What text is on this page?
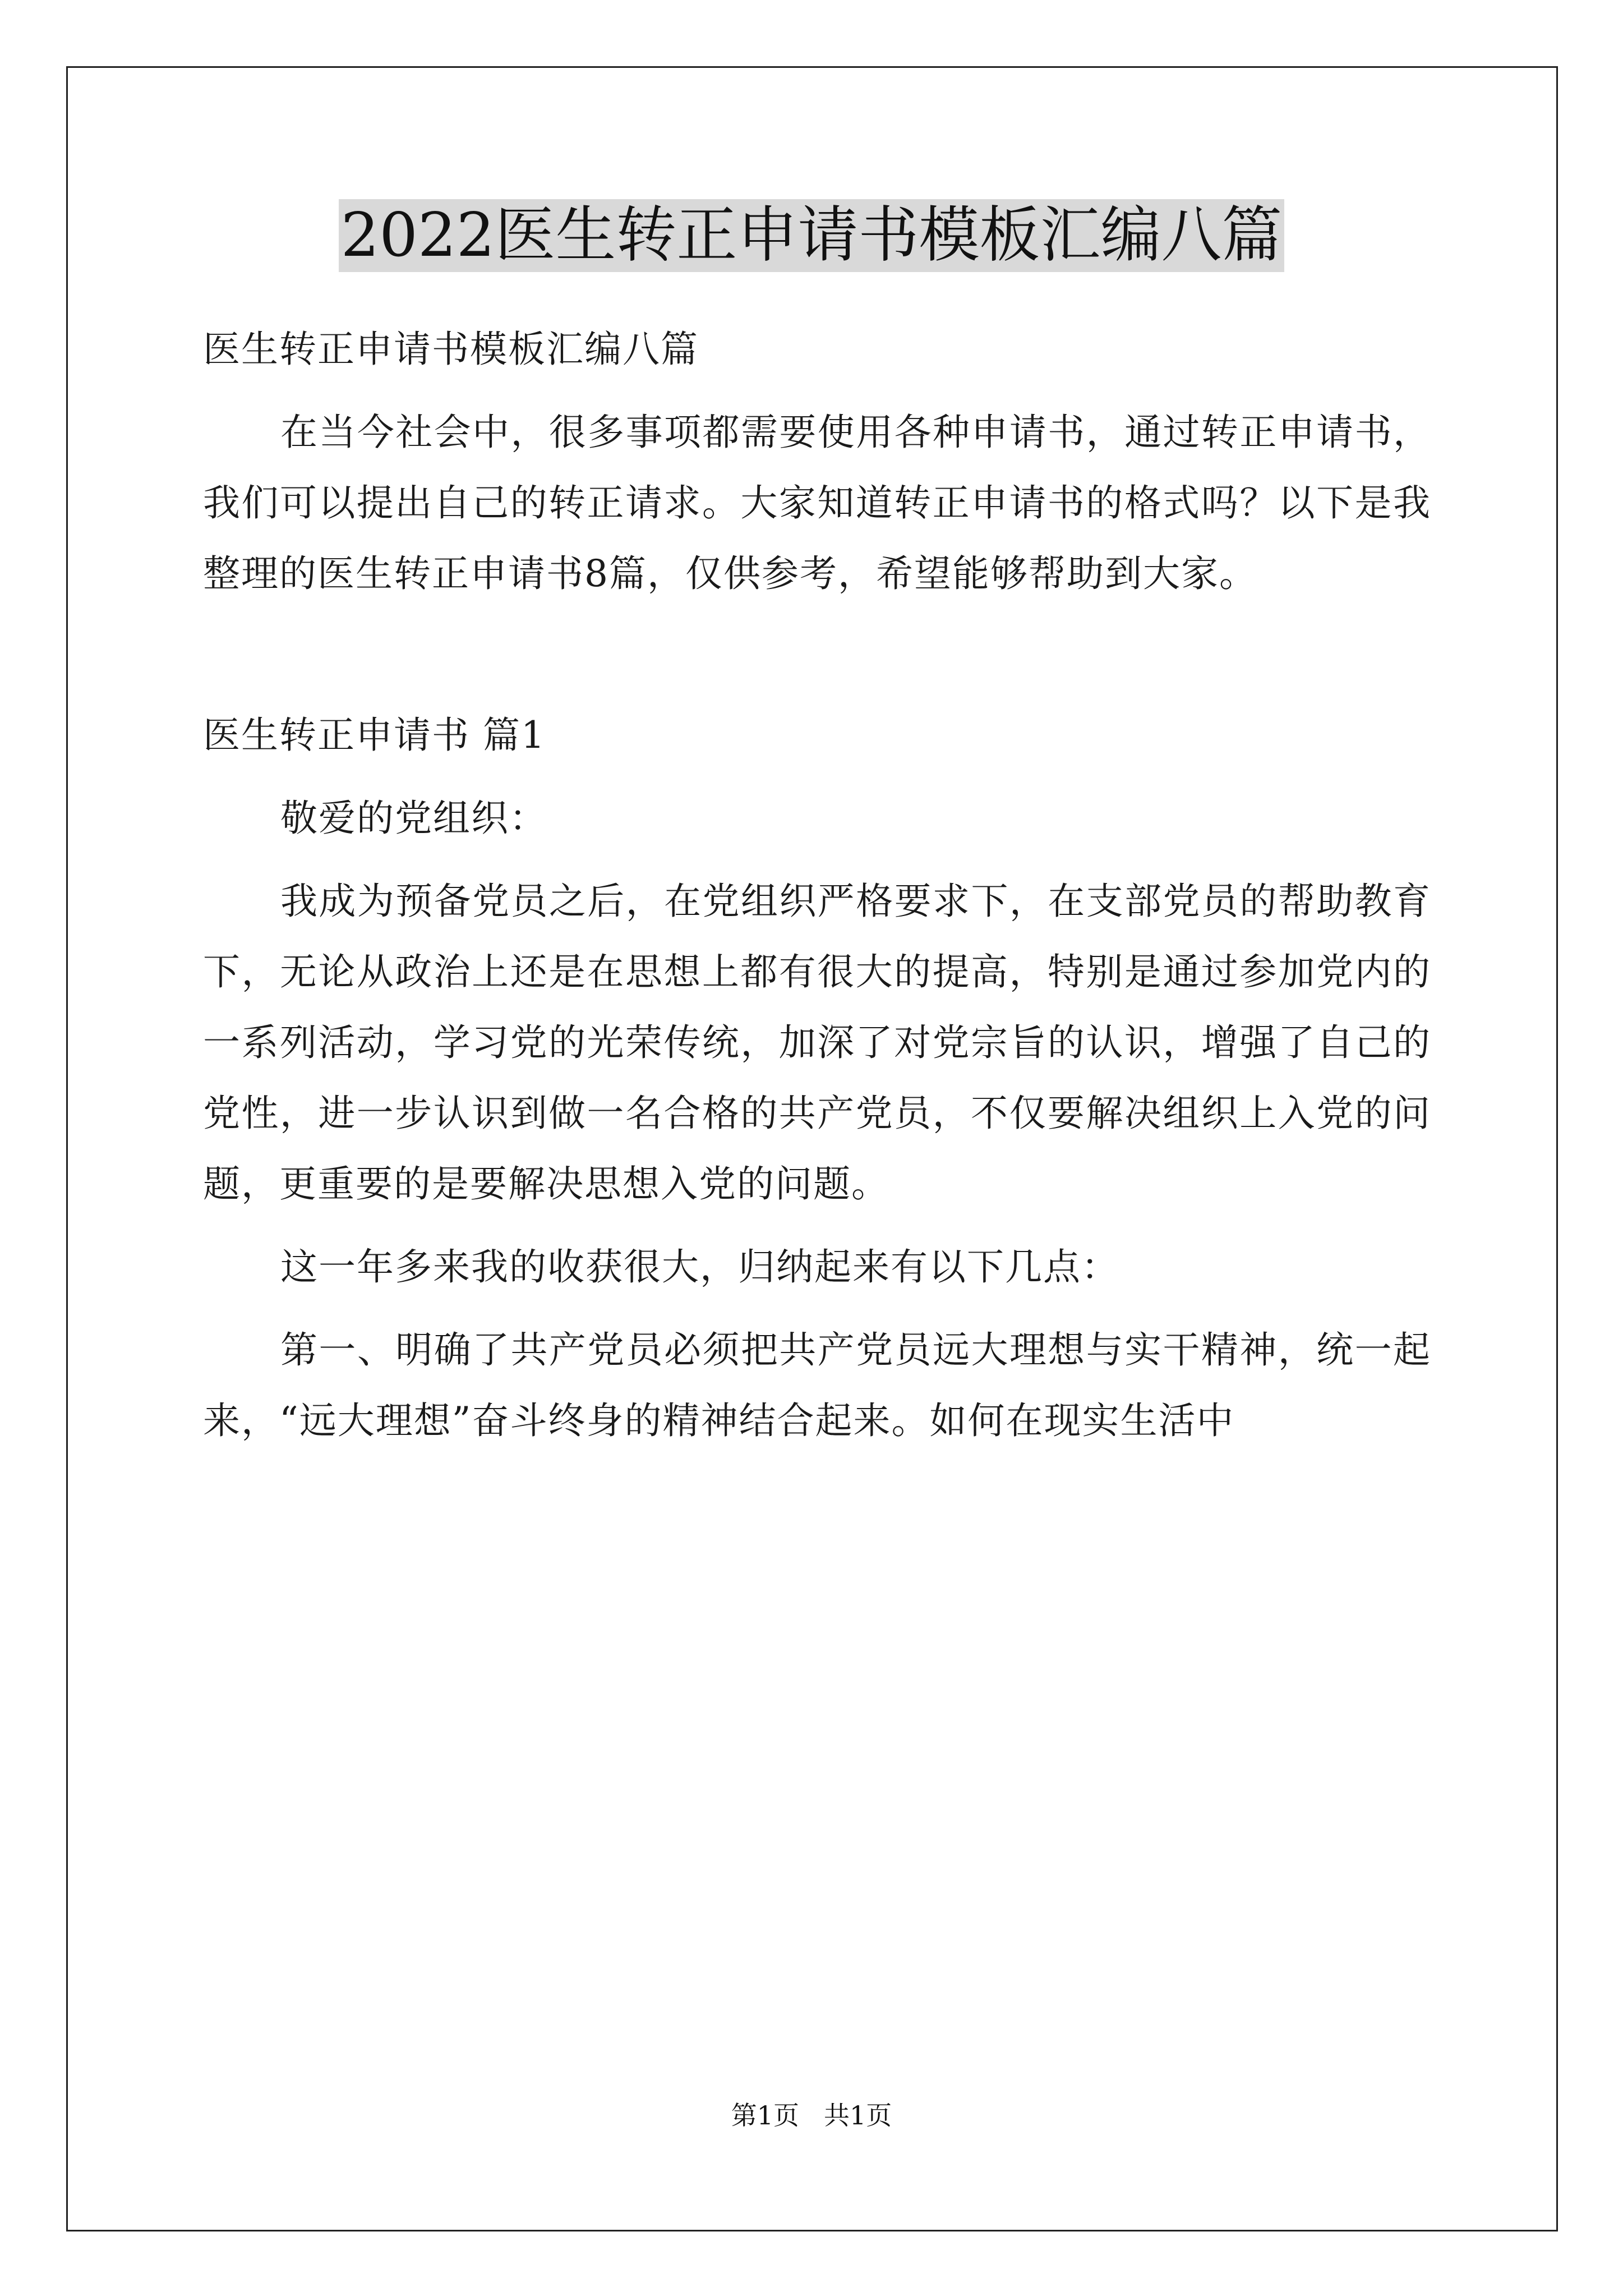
2022医生转正申请书模板汇编八篇

医生转正申请书模板汇编八篇

在当今社会中，很多事项都需要使用各种申请书，通过转正申请书，我们可以提出自己的转正请求。大家知道转正申请书的格式吗？以下是我整理的医生转正申请书8篇，仅供参考，希望能够帮助到大家。

医生转正申请书 篇1

敬爱的党组织：

我成为预备党员之后，在党组织严格要求下，在支部党员的帮助教育下，无论从政治上还是在思想上都有很大的提高，特别是通过参加党内的一系列活动，学习党的光荣传统，加深了对党宗旨的认识，增强了自己的党性，进一步认识到做一名合格的共产党员，不仅要解决组织上入党的问题，更重要的是要解决思想入党的问题。

这一年多来我的收获很大，归纳起来有以下几点：

第一、明确了共产党员必须把共产党员远大理想与实干精神，统一起来，“远大理想”奋斗终身的精神结合起来。如何在现实生活中

第1页 共1页
